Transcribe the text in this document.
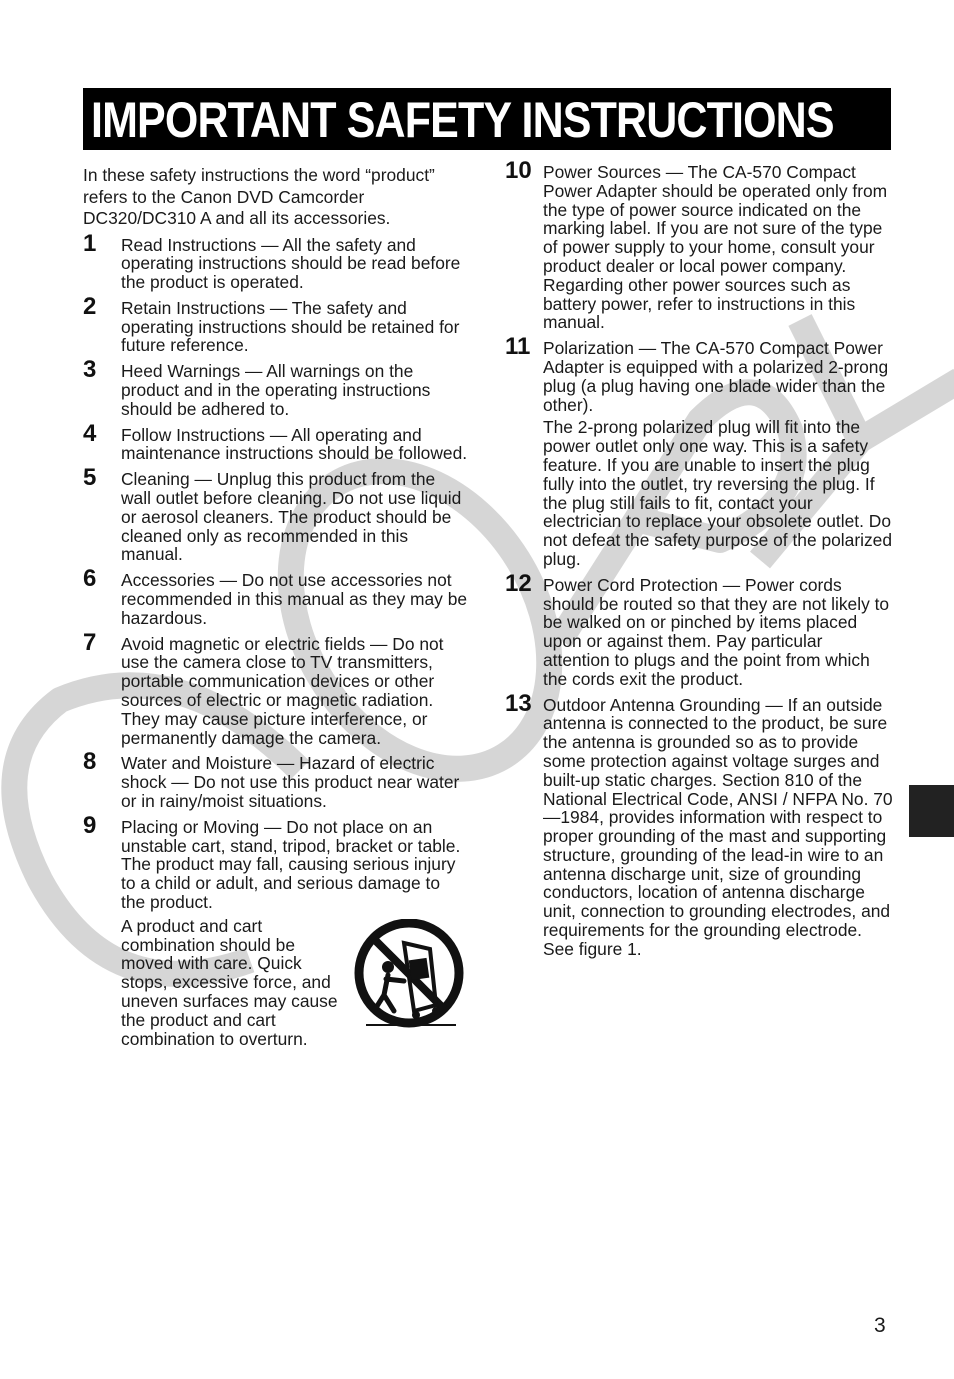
IMPORTANT SAFETY INSTRUCTIONS

In these safety instructions the word “product” refers to the Canon DVD Camcorder DC320/DC310 A and all its accessories.

1 Read Instructions — All the safety and operating instructions should be read before the product is operated.
2 Retain Instructions — The safety and operating instructions should be retained for future reference.
3 Heed Warnings — All warnings on the product and in the operating instructions should be adhered to.
4 Follow Instructions — All operating and maintenance instructions should be followed.
5 Cleaning — Unplug this product from the wall outlet before cleaning. Do not use liquid or aerosol cleaners. The product should be cleaned only as recommended in this manual.
6 Accessories — Do not use accessories not recommended in this manual as they may be hazardous.
7 Avoid magnetic or electric fields — Do not use the camera close to TV transmitters, portable communication devices or other sources of electric or magnetic radiation. They may cause picture interference, or permanently damage the camera.
8 Water and Moisture — Hazard of electric shock — Do not use this product near water or in rainy/moist situations.
9 Placing or Moving — Do not place on an unstable cart, stand, tripod, bracket or table. The product may fall, causing serious injury to a child or adult, and serious damage to the product.
A product and cart combination should be moved with care. Quick stops, excessive force, and uneven surfaces may cause the product and cart combination to overturn.
10 Power Sources — The CA-570 Compact Power Adapter should be operated only from the type of power source indicated on the marking label. If you are not sure of the type of power supply to your home, consult your product dealer or local power company. Regarding other power sources such as battery power, refer to instructions in this manual.
11 Polarization — The CA-570 Compact Power Adapter is equipped with a polarized 2-prong plug (a plug having one blade wider than the other).
The 2-prong polarized plug will fit into the power outlet only one way. This is a safety feature. If you are unable to insert the plug fully into the outlet, try reversing the plug. If the plug still fails to fit, contact your electrician to replace your obsolete outlet. Do not defeat the safety purpose of the polarized plug.
12 Power Cord Protection — Power cords should be routed so that they are not likely to be walked on or pinched by items placed upon or against them. Pay particular attention to plugs and the point from which the cords exit the product.
13 Outdoor Antenna Grounding — If an outside antenna is connected to the product, be sure the antenna is grounded so as to provide some protection against voltage surges and built-up static charges. Section 810 of the National Electrical Code, ANSI / NFPA No. 70—1984, provides information with respect to proper grounding of the mast and supporting structure, grounding of the lead-in wire to an antenna discharge unit, size of grounding conductors, location of antenna discharge unit, connection to grounding electrodes, and requirements for the grounding electrode. See figure 1.
3
